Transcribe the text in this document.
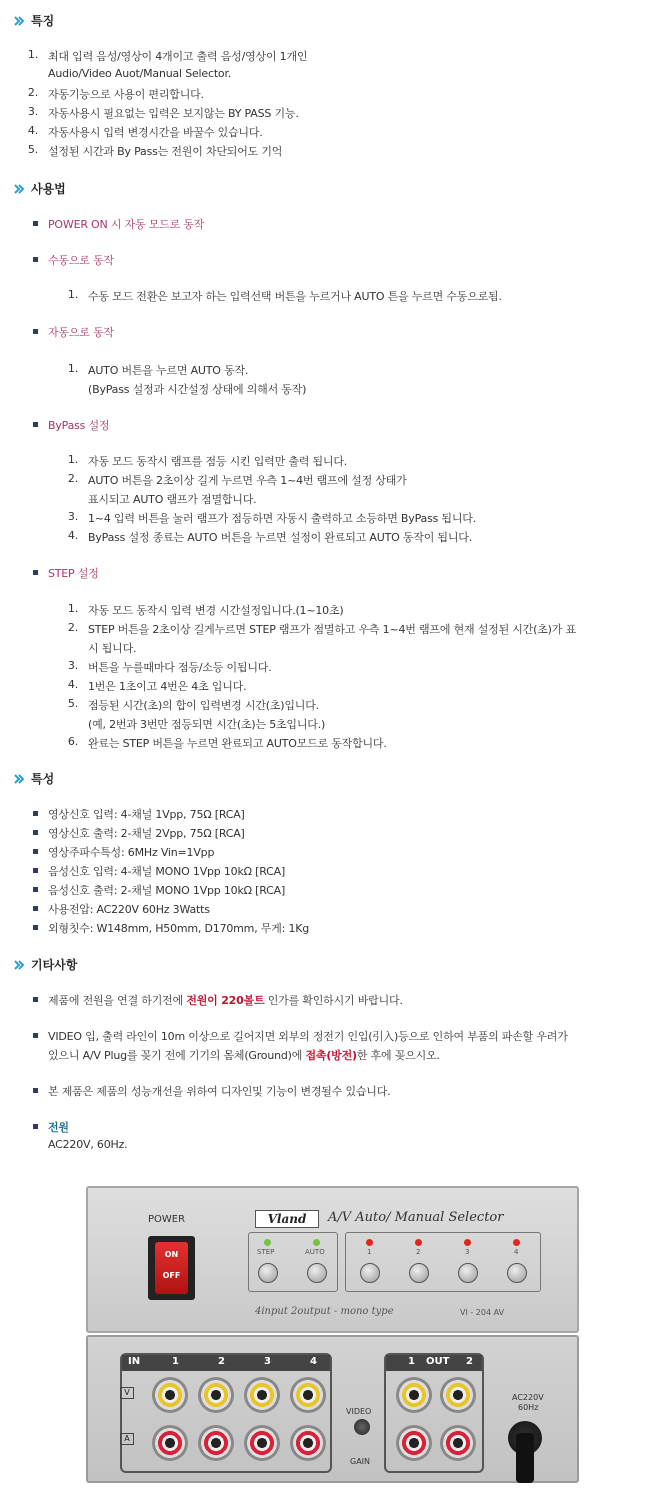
특징
1. 최대 입력 음성/영상이 4개이고 출력 음성/영상이 1개인
Audio/Video Auot/Manual Selector.
2. 자동기능으로 사용이 편리합니다.
3. 자동사용시 필요없는 입력은 보지않는 BY PASS 기능.
4. 자동사용시 입력 변경시간을 바꿀수 있습니다.
5. 설정된 시간과 By Pass는 전원이 차단되어도 기억
사용법
POWER ON 시 자동 모드로 동작
수동으로 동작
1. 수동 모드 전환은 보고자 하는 입력선택 버튼을 누르거나 AUTO 튼을 누르면 수동으로됨.
자동으로 동작
1. AUTO 버튼을 누르면 AUTO 동작.
(ByPass 설정과 시간설정 상태에 의해서 동작)
ByPass 설정
1. 자동 모드 동작시 램프를 점등 시킨 입력만 출력 됩니다.
2. AUTO 버튼을 2초이상 길게 누르면 우측 1~4번 램프에 설정 상태가
표시되고 AUTO 램프가 점멸합니다.
3. 1~4 입력 버튼을 눌러 램프가 점등하면 자동시 출력하고 소등하면 ByPass 됩니다.
4. ByPass 설정 종료는 AUTO 버튼을 누르면 설정이 완료되고 AUTO 동작이 됩니다.
STEP 설정
1. 자동 모드 동작시 입력 변경 시간설정입니다.(1~10초)
2. STEP 버튼을 2초이상 길게누르면 STEP 램프가 점멸하고 우측 1~4번 램프에 현재 설정된 시간(초)가 표
시 됩니다.
3. 버튼을 누를때마다 점등/소등 이됩니다.
4. 1번은 1초이고 4번은 4초 입니다.
5. 점등된 시간(초)의 합이 입력변경 시간(초)입니다.
(예, 2번과 3번만 점등되면 시간(초)는 5초입니다.)
6. 완료는 STEP 버튼을 누르면 완료되고 AUTO모드로 동작합니다.
특성
영상신호 입력: 4-채널 1Vpp, 75Ω [RCA]
영상신호 출력: 2-채널 2Vpp, 75Ω [RCA]
영상주파수특성: 6MHz Vin=1Vpp
음성신호 입력: 4-채널 MONO 1Vpp 10kΩ [RCA]
음성신호 출력: 2-채널 MONO 1Vpp 10kΩ [RCA]
사용전압: AC220V 60Hz 3Watts
외형칫수: W148mm, H50mm, D170mm, 무게: 1Kg
기타사항
제품에 전원을 연결 하기전에 전원이 220볼트 인가를 확인하시기 바랍니다.
VIDEO 입, 출력 라인이 10m 이상으로 길어지면 외부의 정전기 인입(引入)등으로 인하여 부품의 파손할 우려가
있으니 A/V Plug를 꽂기 전에 기기의 몸체(Ground)에 접촉(방전)한 후에 꽂으시오.
본 제품은 제품의 성능개선을 위하여 디자인및 기능이 변경될수 있습니다.
전원
AC220V, 60Hz.
POWER
ON
OFF
Vland	A/V Auto/ Manual Selector
STEP	AUTO	1	2	3	4
4input 2output - mono type	VI - 204 AV
IN	1	2	3	4
V
A
VIDEO
GAIN
OUT
1	2
AC220V
60Hz
